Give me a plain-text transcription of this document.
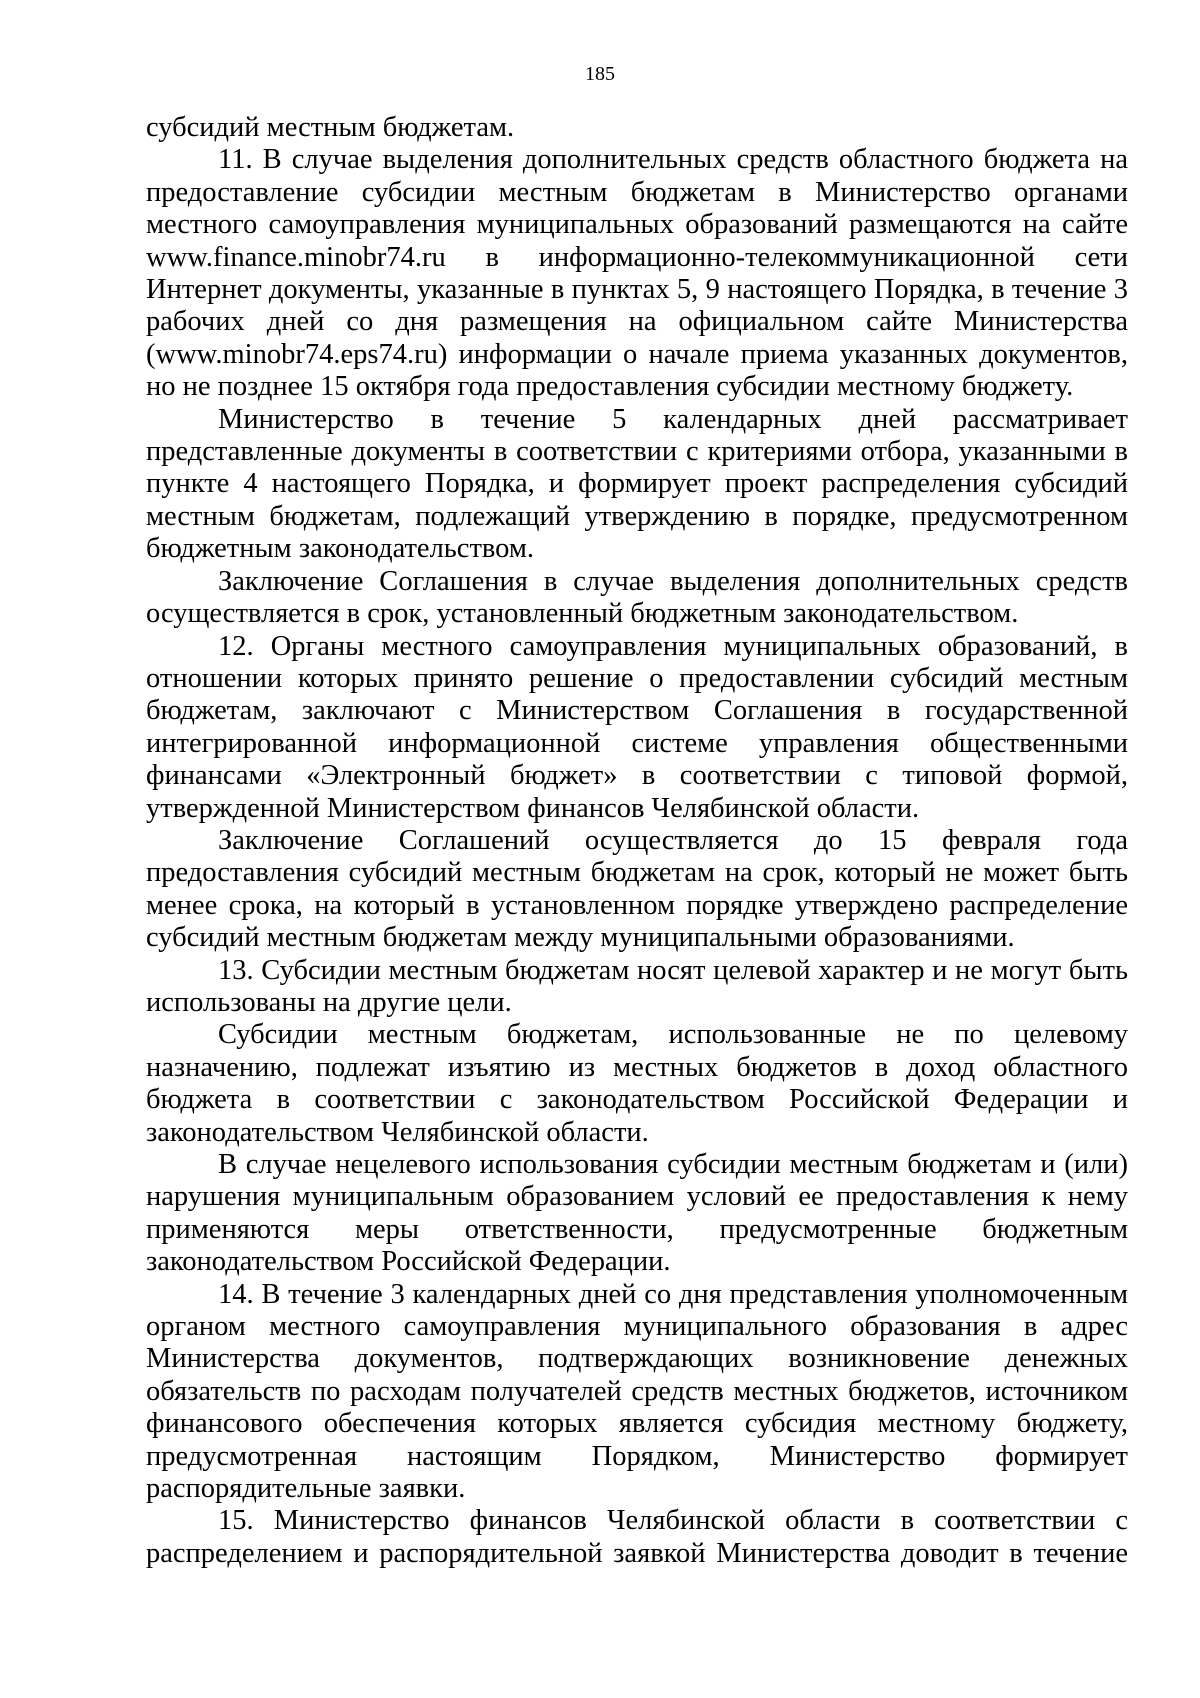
185

субсидий местным бюджетам.

11. В случае выделения дополнительных средств областного бюджета на предоставление субсидии местным бюджетам в Министерство органами местного самоуправления муниципальных образований размещаются на сайте www.finance.minobr74.ru в информационно-телекоммуникационной сети Интернет документы, указанные в пунктах 5, 9 настоящего Порядка, в течение 3 рабочих дней со дня размещения на официальном сайте Министерства (www.minobr74.eps74.ru) информации о начале приема указанных документов, но не позднее 15 октября года предоставления субсидии местному бюджету.

Министерство в течение 5 календарных дней рассматривает представленные документы в соответствии с критериями отбора, указанными в пункте 4 настоящего Порядка, и формирует проект распределения субсидий местным бюджетам, подлежащий утверждению в порядке, предусмотренном бюджетным законодательством.

Заключение Соглашения в случае выделения дополнительных средств осуществляется в срок, установленный бюджетным законодательством.

12. Органы местного самоуправления муниципальных образований, в отношении которых принято решение о предоставлении субсидий местным бюджетам, заключают с Министерством Соглашения в государственной интегрированной информационной системе управления общественными финансами «Электронный бюджет» в соответствии с типовой формой, утвержденной Министерством финансов Челябинской области.

Заключение Соглашений осуществляется до 15 февраля года предоставления субсидий местным бюджетам на срок, который не может быть менее срока, на который в установленном порядке утверждено распределение субсидий местным бюджетам между муниципальными образованиями.

13. Субсидии местным бюджетам носят целевой характер и не могут быть использованы на другие цели.

Субсидии местным бюджетам, использованные не по целевому назначению, подлежат изъятию из местных бюджетов в доход областного бюджета в соответствии с законодательством Российской Федерации и законодательством Челябинской области.

В случае нецелевого использования субсидии местным бюджетам и (или) нарушения муниципальным образованием условий ее предоставления к нему применяются меры ответственности, предусмотренные бюджетным законодательством Российской Федерации.

14. В течение 3 календарных дней со дня представления уполномоченным органом местного самоуправления муниципального образования в адрес Министерства документов, подтверждающих возникновение денежных обязательств по расходам получателей средств местных бюджетов, источником финансового обеспечения которых является субсидия местному бюджету, предусмотренная настоящим Порядком, Министерство формирует распорядительные заявки.

15. Министерство финансов Челябинской области в соответствии с распределением и распорядительной заявкой Министерства доводит в течение
